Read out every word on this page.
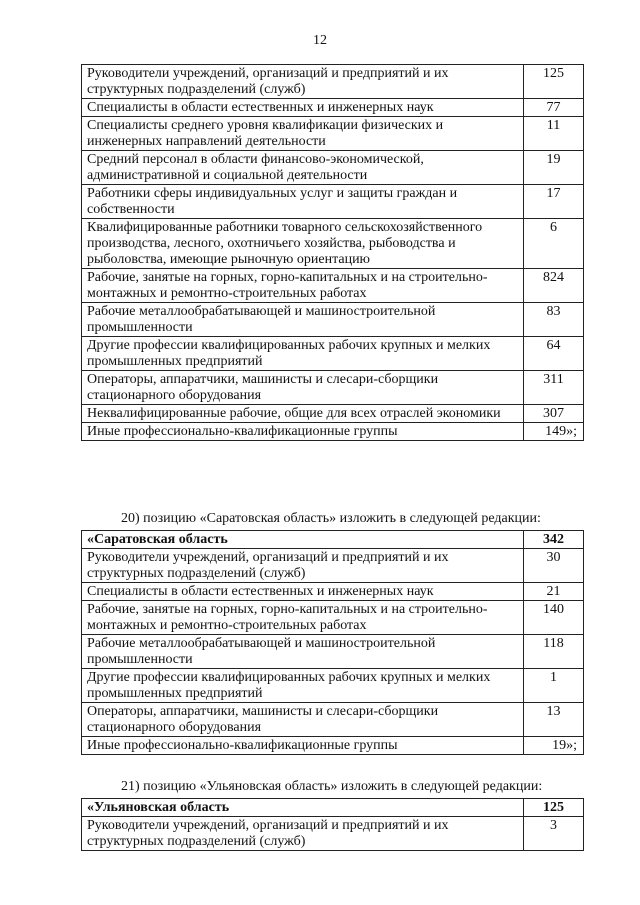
12
Руководители учреждений, организаций и предприятий и их структурных подразделений (служб)	125
Специалисты в области естественных и инженерных наук	77
Специалисты среднего уровня квалификации физических и инженерных направлений деятельности	11
Средний персонал в области финансово-экономической, административной и социальной деятельности	19
Работники сферы индивидуальных услуг и защиты граждан и собственности	17
Квалифицированные работники товарного сельскохозяйственного производства, лесного, охотничьего хозяйства, рыбоводства и рыболовства, имеющие рыночную ориентацию	6
Рабочие, занятые на горных, горно-капитальных и на строительно-монтажных и ремонтно-строительных работах	824
Рабочие металлообрабатывающей и машиностроительной промышленности	83
Другие профессии квалифицированных рабочих крупных и мелких промышленных предприятий	64
Операторы, аппаратчики, машинисты и слесари-сборщики стационарного оборудования	311
Неквалифицированные рабочие, общие для всех отраслей экономики	307
Иные профессионально-квалификационные группы	149»;
20) позицию «Саратовская область» изложить в следующей редакции:
«Саратовская область	342
Руководители учреждений, организаций и предприятий и их структурных подразделений (служб)	30
Специалисты в области естественных и инженерных наук	21
Рабочие, занятые на горных, горно-капитальных и на строительно-монтажных и ремонтно-строительных работах	140
Рабочие металлообрабатывающей и машиностроительной промышленности	118
Другие профессии квалифицированных рабочих крупных и мелких промышленных предприятий	1
Операторы, аппаратчики, машинисты и слесари-сборщики стационарного оборудования	13
Иные профессионально-квалификационные группы	19»;
21) позицию «Ульяновская область» изложить в следующей редакции:
«Ульяновская область	125
Руководители учреждений, организаций и предприятий и их структурных подразделений (служб)	3
